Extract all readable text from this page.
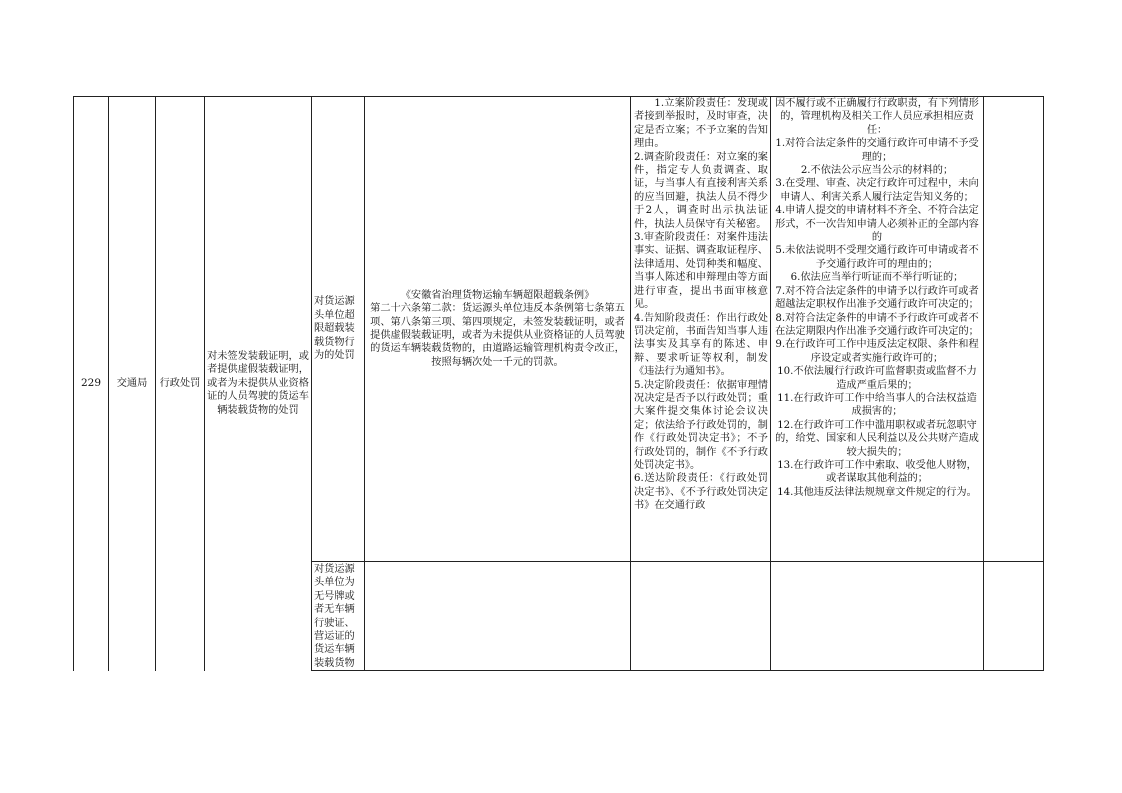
229	交通局	行政处罚
对未签发装载证明，或者提供虚假装载证明，或者为未提供从业资格证的人员驾驶的货运车辆装载货物的处罚
对货运源头单位超限超载装载货物行为的处罚
《安徽省治理货物运输车辆超限超载条例》
第二十六条第二款：货运源头单位违反本条例第七条第五项、第八条第三项、第四项规定，未签发装载证明，或者提供虚假装载证明，或者为未提供从业资格证的人员驾驶的货运车辆装载货物的，由道路运输管理机构责令改正，按照每辆次处一千元的罚款。
1.立案阶段责任：发现或者接到举报时，及时审查，决定是否立案；不予立案的告知理由。
2.调查阶段责任：对立案的案件，指定专人负责调查、取证，与当事人有直接利害关系的应当回避，执法人员不得少于2人，调查时出示执法证件，执法人员保守有关秘密。
3.审查阶段责任：对案件违法事实、证据、调查取证程序、法律适用、处罚种类和幅度、当事人陈述和申辩理由等方面进行审查，提出书面审核意见。
4.告知阶段责任：作出行政处罚决定前，书面告知当事人违法事实及其享有的陈述、申辩、要求听证等权利，制发《违法行为通知书》。
5.决定阶段责任：依据审理情况决定是否予以行政处罚；重大案件提交集体讨论会议决定；依法给予行政处罚的，制作《行政处罚决定书》；不予行政处罚的，制作《不予行政处罚决定书》。
6.送达阶段责任：《行政处罚决定书》、《不予行政处罚决定书》在交通行政
因不履行或不正确履行行政职责，有下列情形的，管理机构及相关工作人员应承担相应责任：
1.对符合法定条件的交通行政许可申请不予受理的；
2.不依法公示应当公示的材料的；
3.在受理、审查、决定行政许可过程中，未向申请人、利害关系人履行法定告知义务的；
4.申请人提交的申请材料不齐全、不符合法定形式，不一次告知申请人必须补正的全部内容的
5.未依法说明不受理交通行政许可申请或者不予交通行政许可的理由的；
6.依法应当举行听证而不举行听证的；
7.对不符合法定条件的申请予以行政许可或者超越法定职权作出准予交通行政许可决定的；
8.对符合法定条件的申请不予行政许可或者不在法定期限内作出准予交通行政许可决定的；
9.在行政许可工作中违反法定权限、条件和程序设定或者实施行政许可的；
10.不依法履行行政许可监督职责或监督不力造成严重后果的；
11.在行政许可工作中给当事人的合法权益造成损害的；
12.在行政许可工作中滥用职权或者玩忽职守的，给党、国家和人民利益以及公共财产造成较大损失的；
13.在行政许可工作中索取、收受他人财物，或者谋取其他利益的；
14.其他违反法律法规规章文件规定的行为。
对货运源头单位为无号牌或者无车辆行驶证、营运证的货运车辆装载货物
